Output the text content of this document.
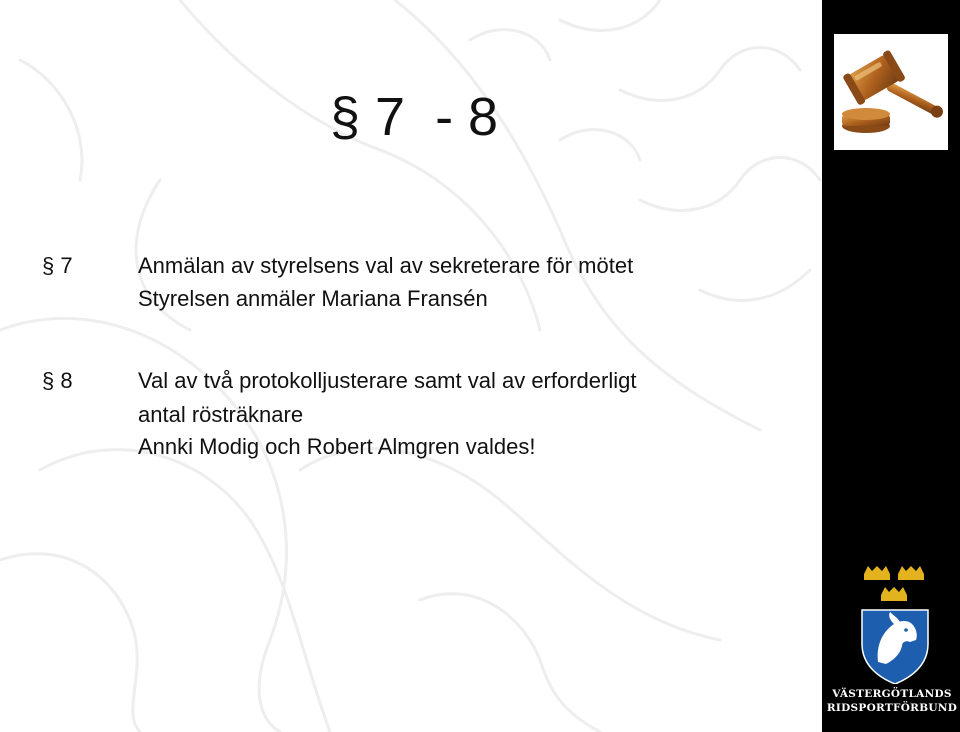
§ 7  - 8
§ 7	Anmälan av styrelsens val av sekreterare för mötet
Styrelsen anmäler Mariana Fransén
§ 8	Val av två protokolljusterare samt val av erforderligt
antal rösträknare
Annki Modig och Robert Almgren valdes!
VÄSTERGÖTLANDS
RIDSPORTFÖRBUND
